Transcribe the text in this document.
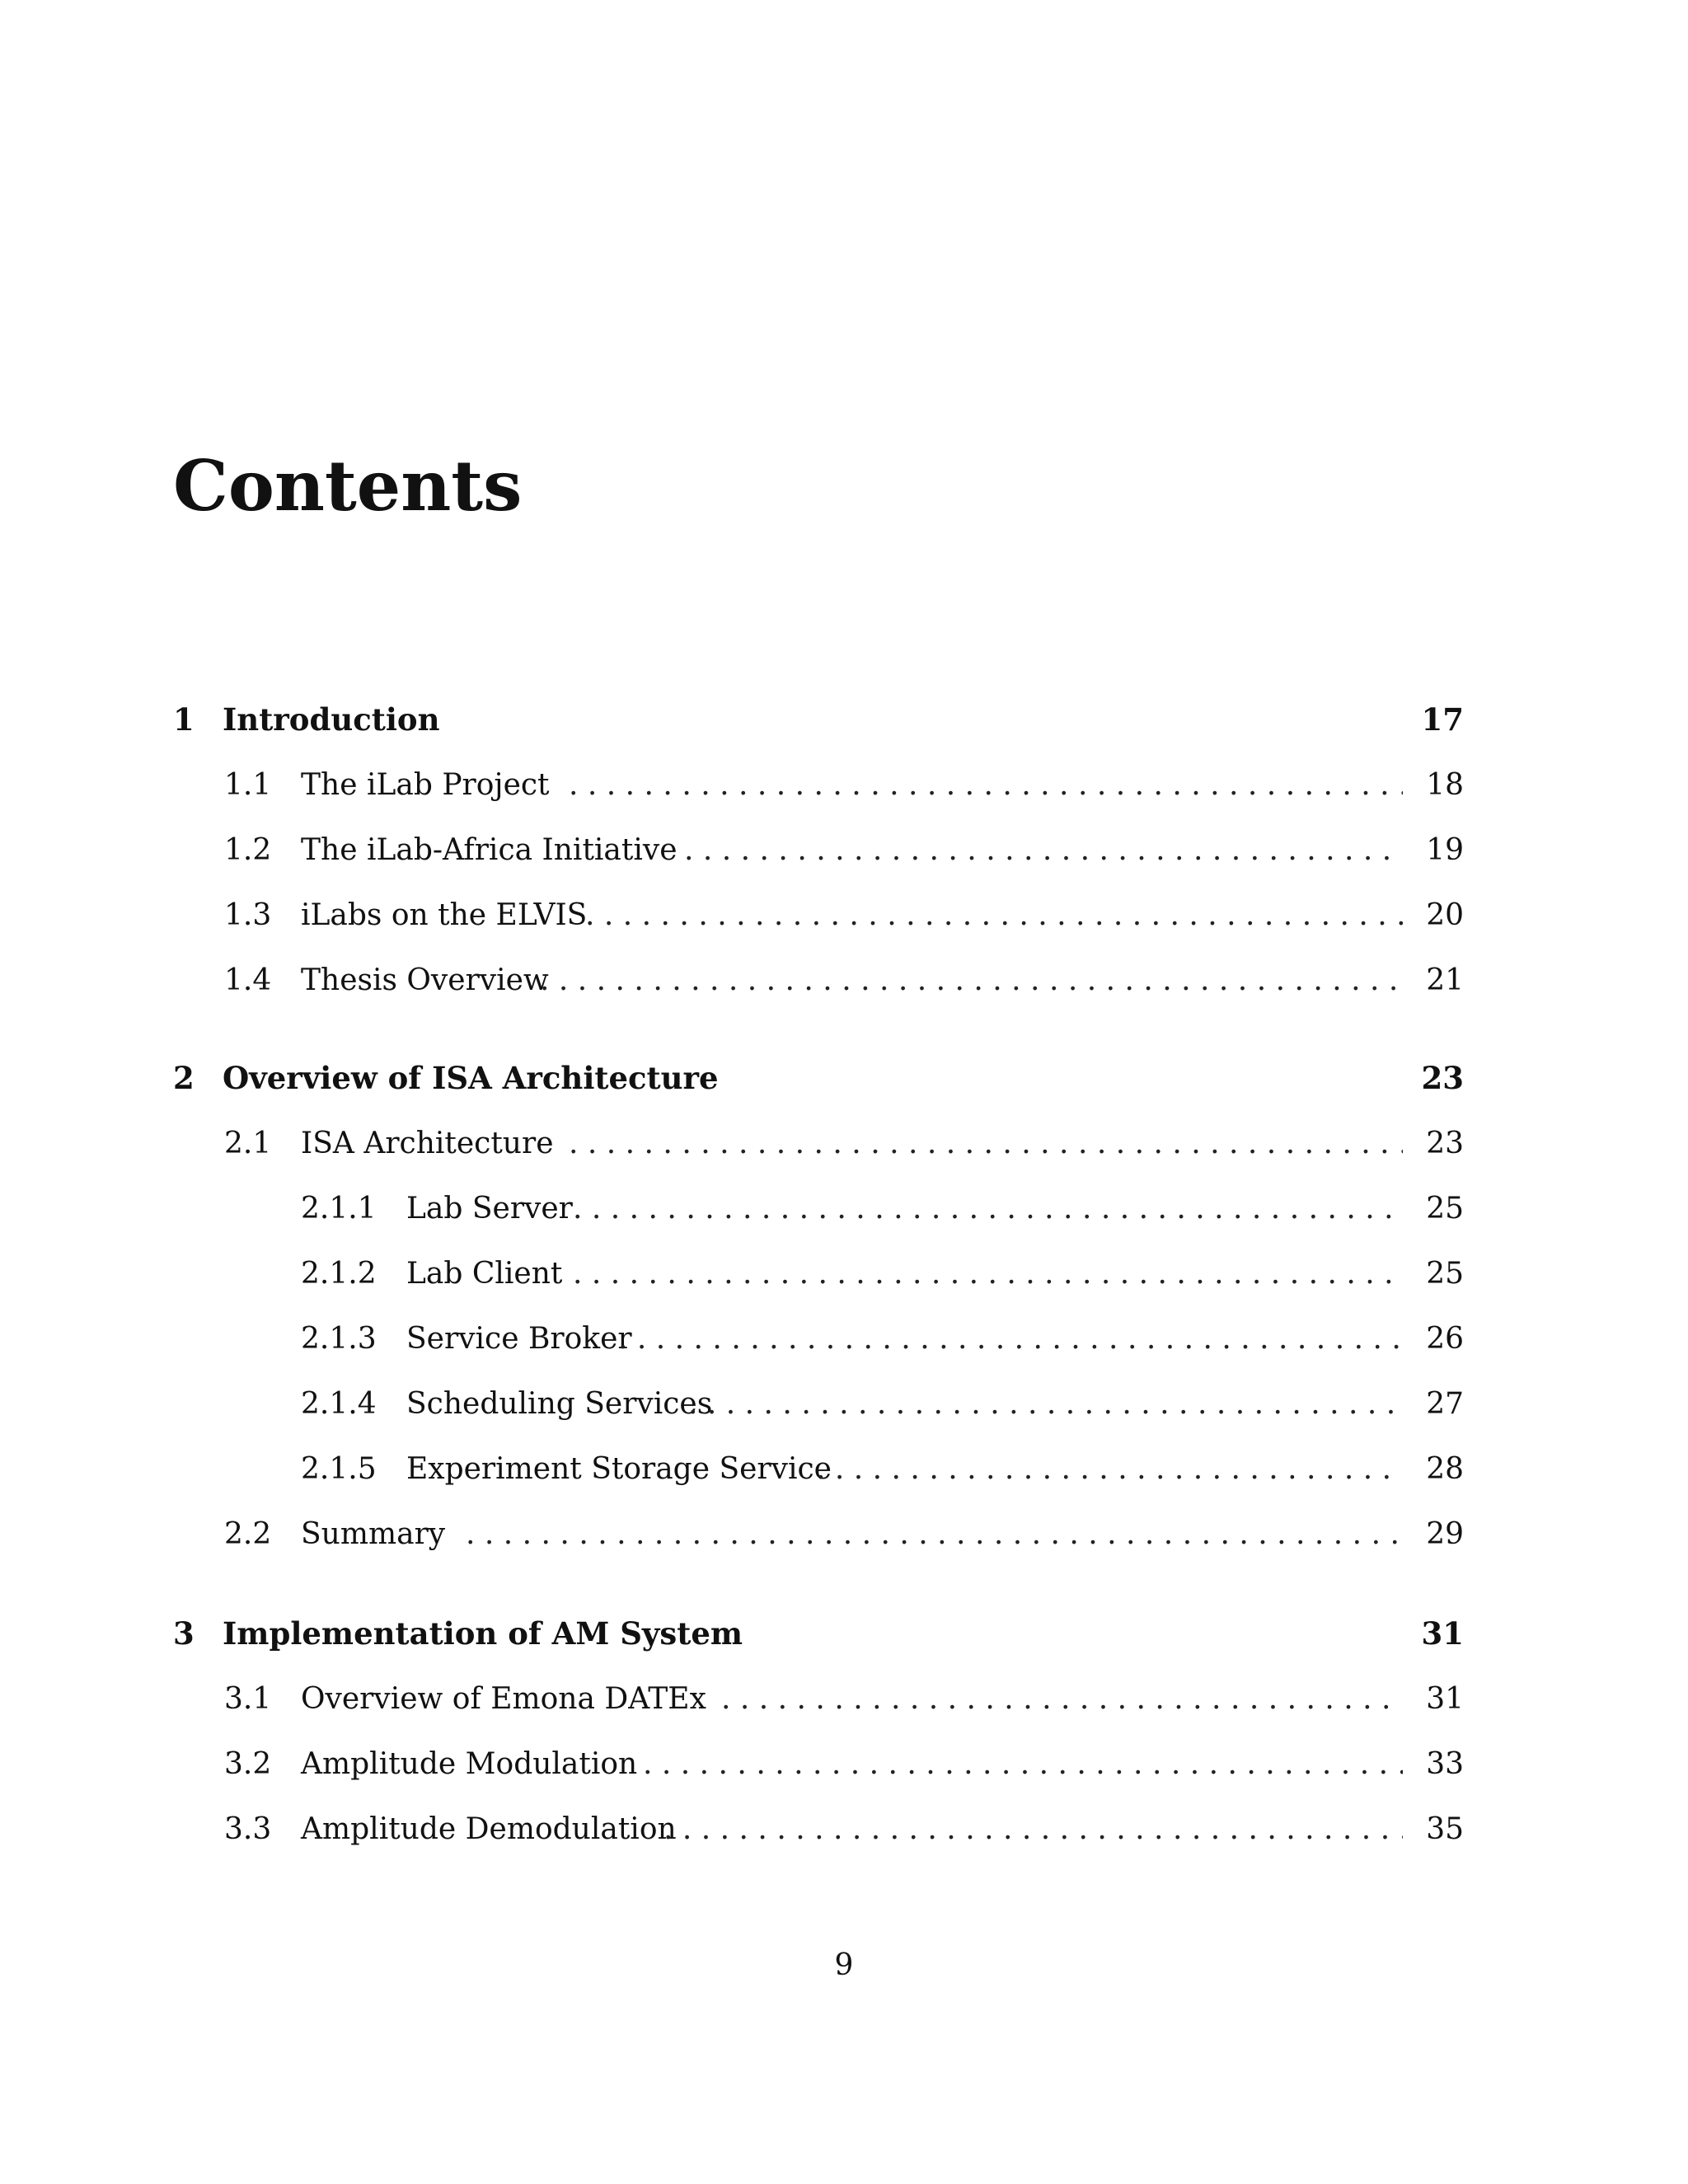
Contents
1 Introduction	17
1.1 The iLab Project . . .	18
1.2 The iLab-Africa Initiative . . .	19
1.3 iLabs on the ELVIS . . .	20
1.4 Thesis Overview . . .	21
2 Overview of ISA Architecture	23
2.1 ISA Architecture . . .	23
2.1.1 Lab Server . . .	25
2.1.2 Lab Client . . .	25
2.1.3 Service Broker . . .	26
2.1.4 Scheduling Services . . .	27
2.1.5 Experiment Storage Service . . .	28
2.2 Summary . . .	29
3 Implementation of AM System	31
3.1 Overview of Emona DATEx . . .	31
3.2 Amplitude Modulation . . .	33
3.3 Amplitude Demodulation . . .	35
9
